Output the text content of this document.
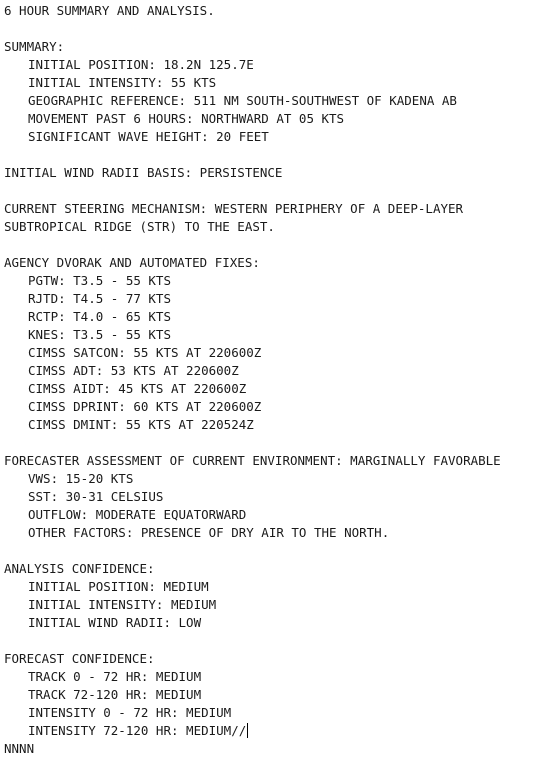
6 HOUR SUMMARY AND ANALYSIS.
SUMMARY:
INITIAL POSITION: 18.2N 125.7E
INITIAL INTENSITY: 55 KTS
GEOGRAPHIC REFERENCE: 511 NM SOUTH-SOUTHWEST OF KADENA AB
MOVEMENT PAST 6 HOURS: NORTHWARD AT 05 KTS
SIGNIFICANT WAVE HEIGHT: 20 FEET
INITIAL WIND RADII BASIS: PERSISTENCE
CURRENT STEERING MECHANISM: WESTERN PERIPHERY OF A DEEP-LAYER
SUBTROPICAL RIDGE (STR) TO THE EAST.
AGENCY DVORAK AND AUTOMATED FIXES:
PGTW: T3.5 - 55 KTS
RJTD: T4.5 - 77 KTS
RCTP: T4.0 - 65 KTS
KNES: T3.5 - 55 KTS
CIMSS SATCON: 55 KTS AT 220600Z
CIMSS ADT: 53 KTS AT 220600Z
CIMSS AIDT: 45 KTS AT 220600Z
CIMSS DPRINT: 60 KTS AT 220600Z
CIMSS DMINT: 55 KTS AT 220524Z
FORECASTER ASSESSMENT OF CURRENT ENVIRONMENT: MARGINALLY FAVORABLE
VWS: 15-20 KTS
SST: 30-31 CELSIUS
OUTFLOW: MODERATE EQUATORWARD
OTHER FACTORS: PRESENCE OF DRY AIR TO THE NORTH.
ANALYSIS CONFIDENCE:
INITIAL POSITION: MEDIUM
INITIAL INTENSITY: MEDIUM
INITIAL WIND RADII: LOW
FORECAST CONFIDENCE:
TRACK 0 - 72 HR: MEDIUM
TRACK 72-120 HR: MEDIUM
INTENSITY 0 - 72 HR: MEDIUM
INTENSITY 72-120 HR: MEDIUM//
NNNN
